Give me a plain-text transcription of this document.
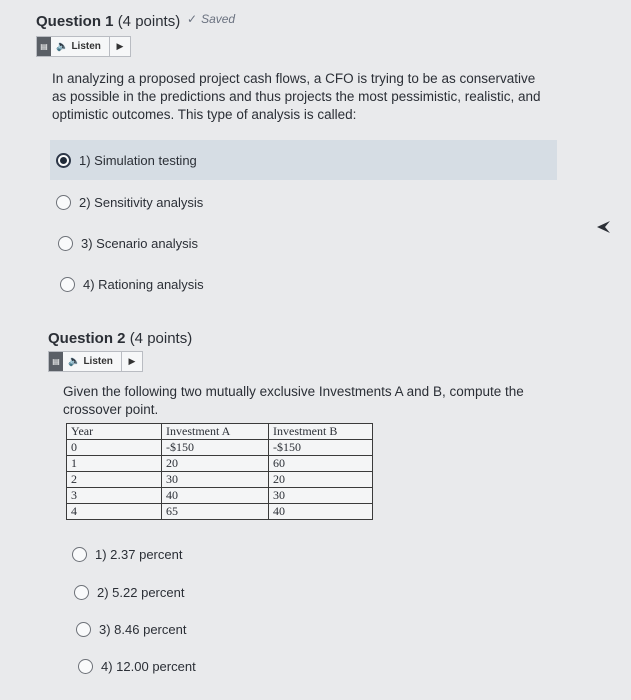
Question 1 (4 points) ✓ Saved
▤ 🔈 Listen	▶
In analyzing a proposed project cash flows, a CFO is trying to be as conservative as possible in the predictions and thus projects the most pessimistic, realistic, and optimistic outcomes. This type of analysis is called:
1) Simulation testing
2) Sensitivity analysis
3) Scenario analysis
4) Rationing analysis
Question 2 (4 points)
▤ 🔈 Listen	▶
Given the following two mutually exclusive Investments A and B, compute the crossover point.
Year	Investment A	Investment B
0	-$150	-$150
1	20	60
2	30	20
3	40	30
4	65	40
1) 2.37 percent
2) 5.22 percent
3) 8.46 percent
4) 12.00 percent
